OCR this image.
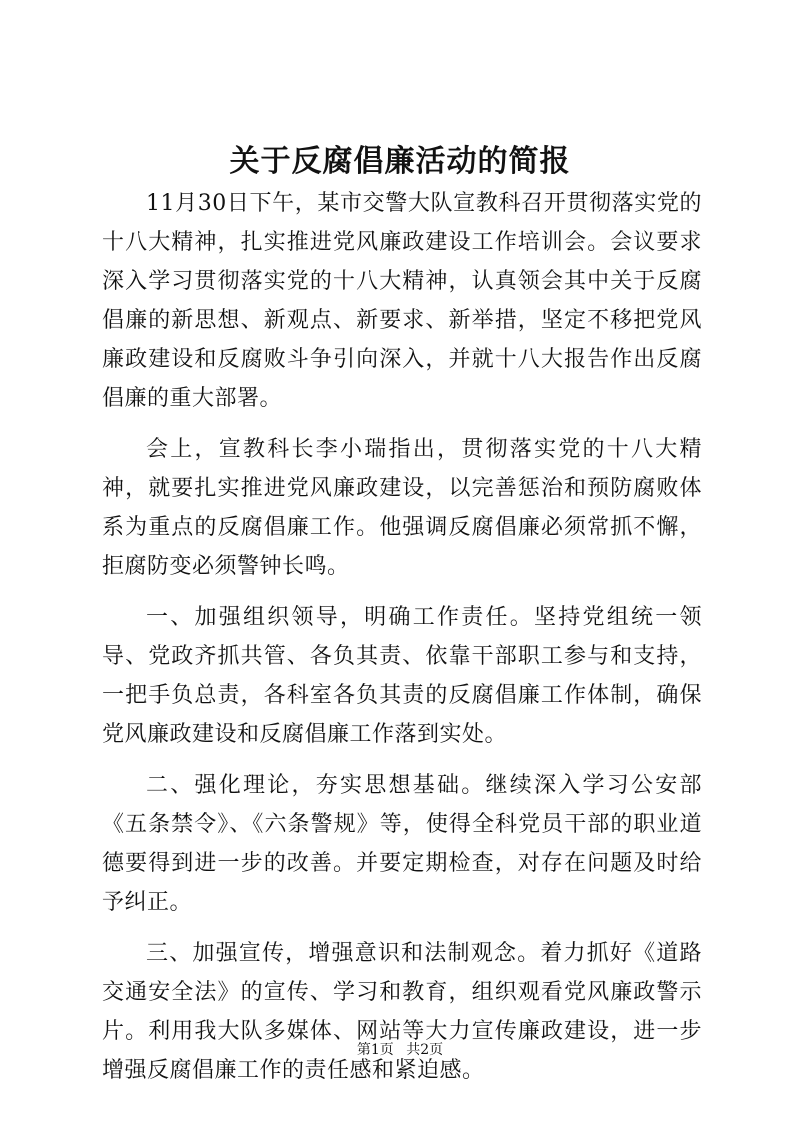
关于反腐倡廉活动的简报

11月30日下午，某市交警大队宣教科召开贯彻落实党的十八大精神，扎实推进党风廉政建设工作培训会。会议要求深入学习贯彻落实党的十八大精神，认真领会其中关于反腐倡廉的新思想、新观点、新要求、新举措，坚定不移把党风廉政建设和反腐败斗争引向深入，并就十八大报告作出反腐倡廉的重大部署。

会上，宣教科长李小瑞指出，贯彻落实党的十八大精神，就要扎实推进党风廉政建设，以完善惩治和预防腐败体系为重点的反腐倡廉工作。他强调反腐倡廉必须常抓不懈，拒腐防变必须警钟长鸣。

一、加强组织领导，明确工作责任。坚持党组统一领导、党政齐抓共管、各负其责、依靠干部职工参与和支持，一把手负总责，各科室各负其责的反腐倡廉工作体制，确保党风廉政建设和反腐倡廉工作落到实处。

二、强化理论，夯实思想基础。继续深入学习公安部《五条禁令》、《六条警规》等，使得全科党员干部的职业道德要得到进一步的改善。并要定期检查，对存在问题及时给予纠正。

三、加强宣传，增强意识和法制观念。着力抓好《道路交通安全法》的宣传、学习和教育，组织观看党风廉政警示片。利用我大队多媒体、网站等大力宣传廉政建设，进一步增强反腐倡廉工作的责任感和紧迫感。

第1页 共2页
